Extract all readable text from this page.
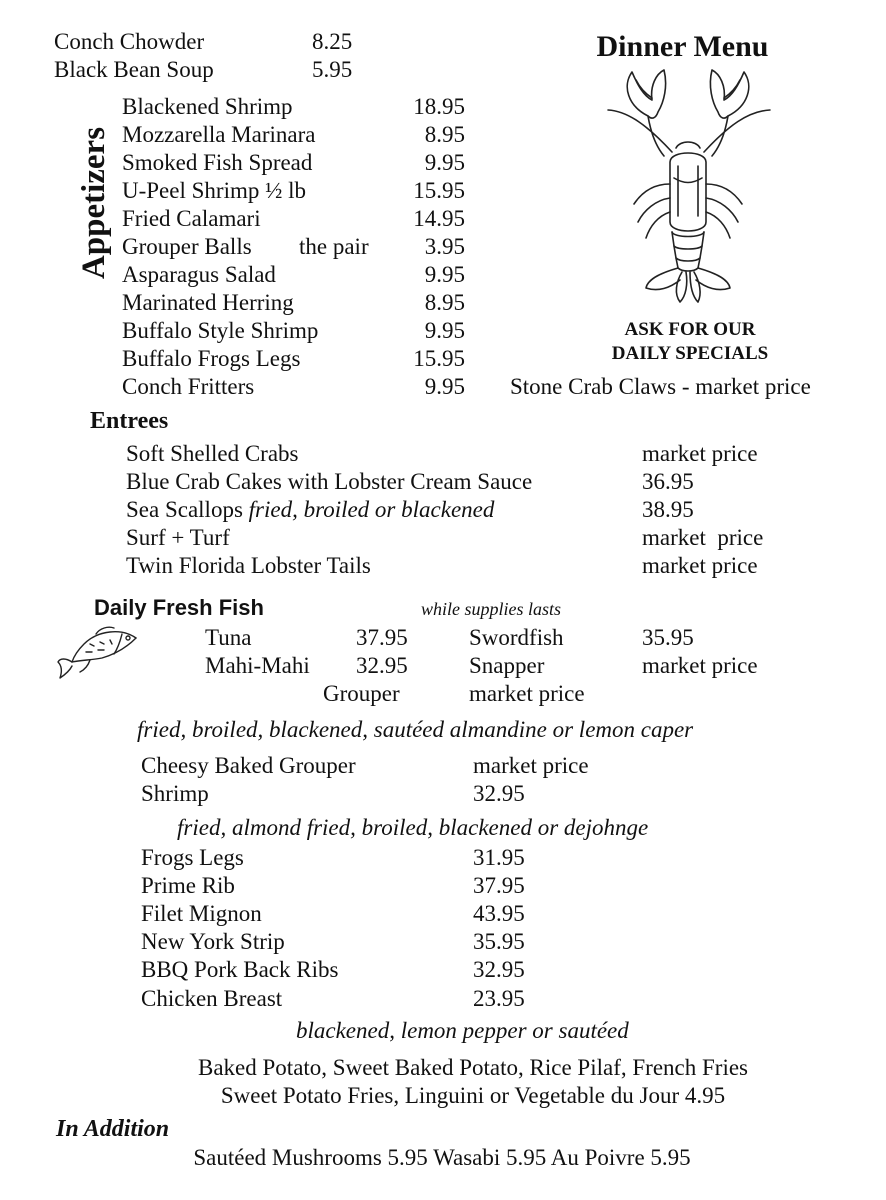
Conch Chowder	8.25
Black Bean Soup	5.95
Dinner Menu
Appetizers
Blackened Shrimp	18.95
Mozzarella Marinara	8.95
Smoked Fish Spread	9.95
U-Peel Shrimp ½ lb	15.95
Fried Calamari	14.95
Grouper Balls the pair	3.95
Asparagus Salad	9.95
Marinated Herring	8.95
Buffalo Style Shrimp	9.95
Buffalo Frogs Legs	15.95
Conch Fritters	9.95
ASK FOR OUR
DAILY SPECIALS
Stone Crab Claws - market price
Entrees
Soft Shelled Crabs	market price
Blue Crab Cakes with Lobster Cream Sauce	36.95
Sea Scallops fried, broiled or blackened	38.95
Surf + Turf	market  price
Twin Florida Lobster Tails	market price
Daily Fresh Fish	while supplies lasts
Tuna	37.95	Swordfish	35.95
Mahi-Mahi 32.95	Snapper	market price
Grouper	market price
fried, broiled, blackened, sautéed almandine or lemon caper
Cheesy Baked Grouper	market price
Shrimp	32.95
fried, almond fried, broiled, blackened or dejohnge
Frogs Legs	31.95
Prime Rib	37.95
Filet Mignon	43.95
New York Strip	35.95
BBQ Pork Back Ribs	32.95
Chicken Breast	23.95
blackened, lemon pepper or sautéed
Baked Potato, Sweet Baked Potato, Rice Pilaf, French Fries
Sweet Potato Fries, Linguini or Vegetable du Jour 4.95
In Addition
Sautéed Mushrooms 5.95 Wasabi 5.95 Au Poivre 5.95
